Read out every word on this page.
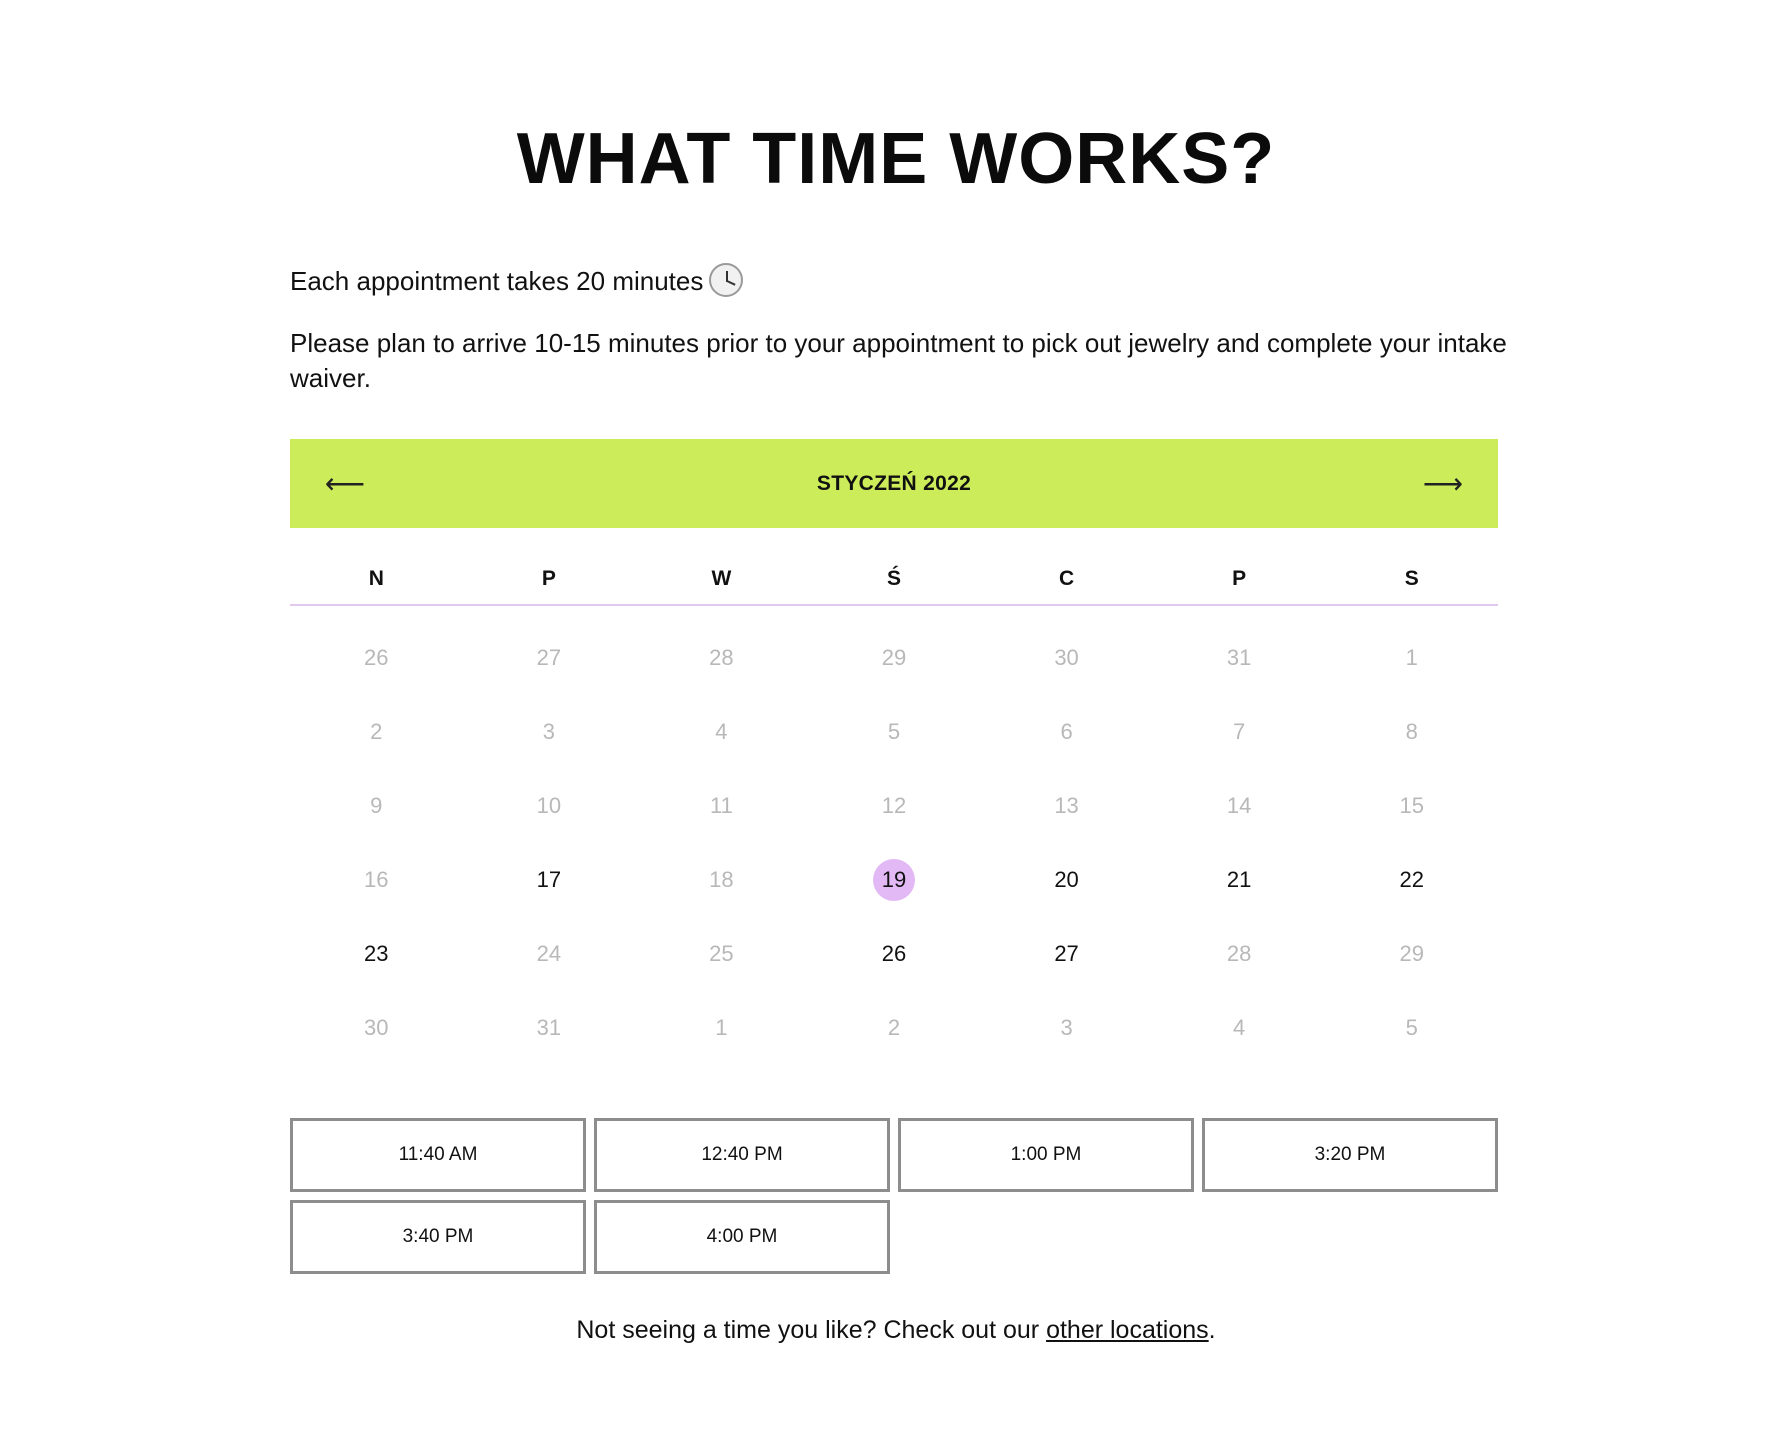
WHAT TIME WORKS?

Each appointment takes 20 minutes

Please plan to arrive 10-15 minutes prior to your appointment to pick out jewelry and complete your intake waiver.

⟵	STYCZEŃ 2022	⟶
N	P	W	Ś	C	P	S
26	27	28	29	30	31	1
2	3	4	5	6	7	8
9	10	11	12	13	14	15
16	17	18	19	20	21	22
23	24	25	26	27	28	29
30	31	1	2	3	4	5
11:40 AM	12:40 PM	1:00 PM	3:20 PM
3:40 PM	4:00 PM

Not seeing a time you like? Check out our other locations.
